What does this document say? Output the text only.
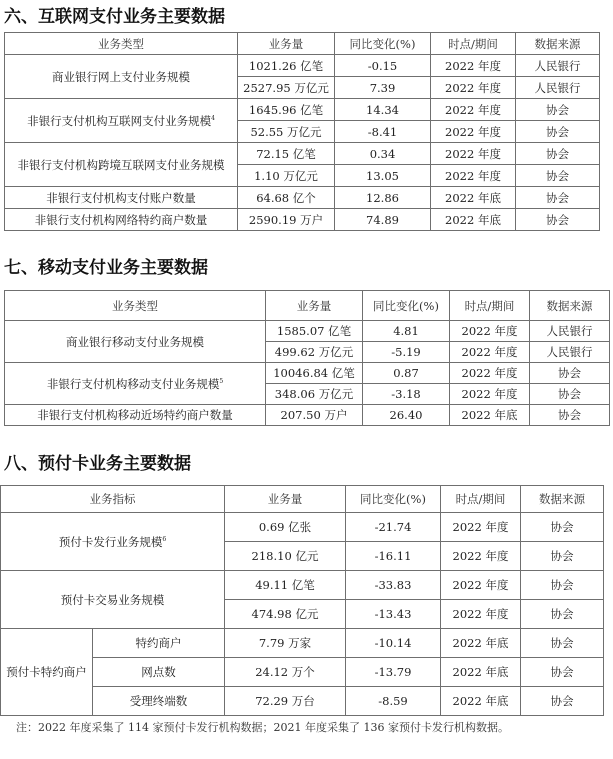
六、互联网支付业务主要数据
业务类型	业务量	同比变化(%)	时点/期间	数据来源
商业银行网上支付业务规模	1021.26 亿笔	-0.15	2022 年度	人民银行
	2527.95 万亿元	7.39	2022 年度	人民银行
非银行支付机构互联网支付业务规模$^4$	1645.96 亿笔	14.34	2022 年度	协会
	52.55 万亿元	-8.41	2022 年度	协会
非银行支付机构跨境互联网支付业务规模	72.15 亿笔	0.34	2022 年度	协会
	1.10 万亿元	13.05	2022 年度	协会
非银行支付机构支付账户数量	64.68 亿个	12.86	2022 年底	协会
非银行支付机构网络特约商户数量	2590.19 万户	74.89	2022 年底	协会
七、移动支付业务主要数据
业务类型	业务量	同比变化(%)	时点/期间	数据来源
商业银行移动支付业务规模	1585.07 亿笔	4.81	2022 年度	人民银行
	499.62 万亿元	-5.19	2022 年度	人民银行
非银行支付机构移动支付业务规模$^5$	10046.84 亿笔	0.87	2022 年度	协会
	348.06 万亿元	-3.18	2022 年度	协会
非银行支付机构移动近场特约商户数量	207.50 万户	26.40	2022 年底	协会
八、预付卡业务主要数据
业务指标		业务量	同比变化(%)	时点/期间	数据来源
预付卡发行业务规模$^6$		0.69 亿张	-21.74	2022 年度	协会
		218.10 亿元	-16.11	2022 年度	协会
预付卡交易业务规模		49.11 亿笔	-33.83	2022 年度	协会
		474.98 亿元	-13.43	2022 年度	协会
预付卡特约商户	特约商户	7.79 万家	-10.14	2022 年底	协会
	网点数	24.12 万个	-13.79	2022 年底	协会
	受理终端数	72.29 万台	-8.59	2022 年底	协会

注：2022 年度采集了 114 家预付卡发行机构数据；2021 年度采集了 136 家预付卡发行机构数据。
